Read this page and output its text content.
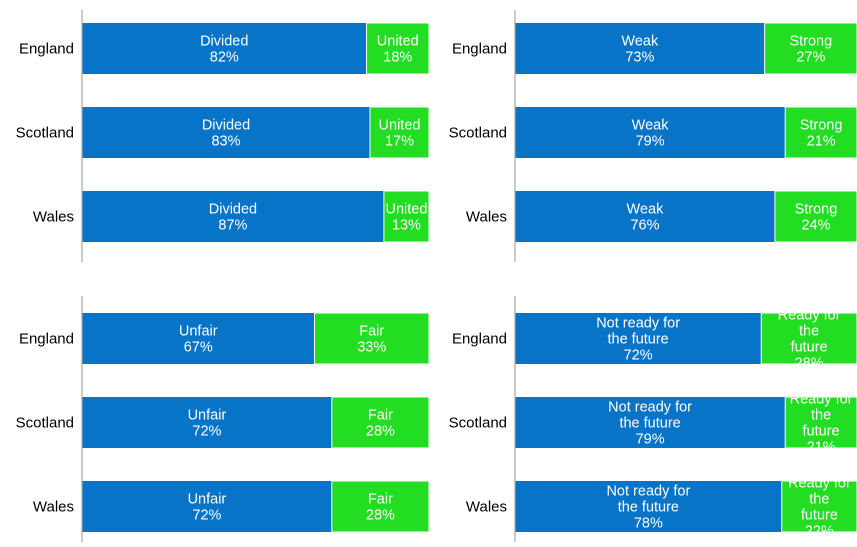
England	Divided 82%
United 18%
Scotland	Divided 83%
United 17%
Wales	Divided 87%
United 13%
England	Weak 73%
Strong 27%
Scotland	Weak 79%
Strong 21%
Wales	Weak 76%
Strong 24%
England	Unfair 67%
Fair 33%
Scotland	Unfair 72%
Fair 28%
Wales	Unfair 72%
Fair 28%
England
Not ready for the future 72%
Ready for the future 28%
Scotland
Not ready for the future 79%
Ready for the future 21%
Wales
Not ready for the future 78%
Ready for the future 22%
